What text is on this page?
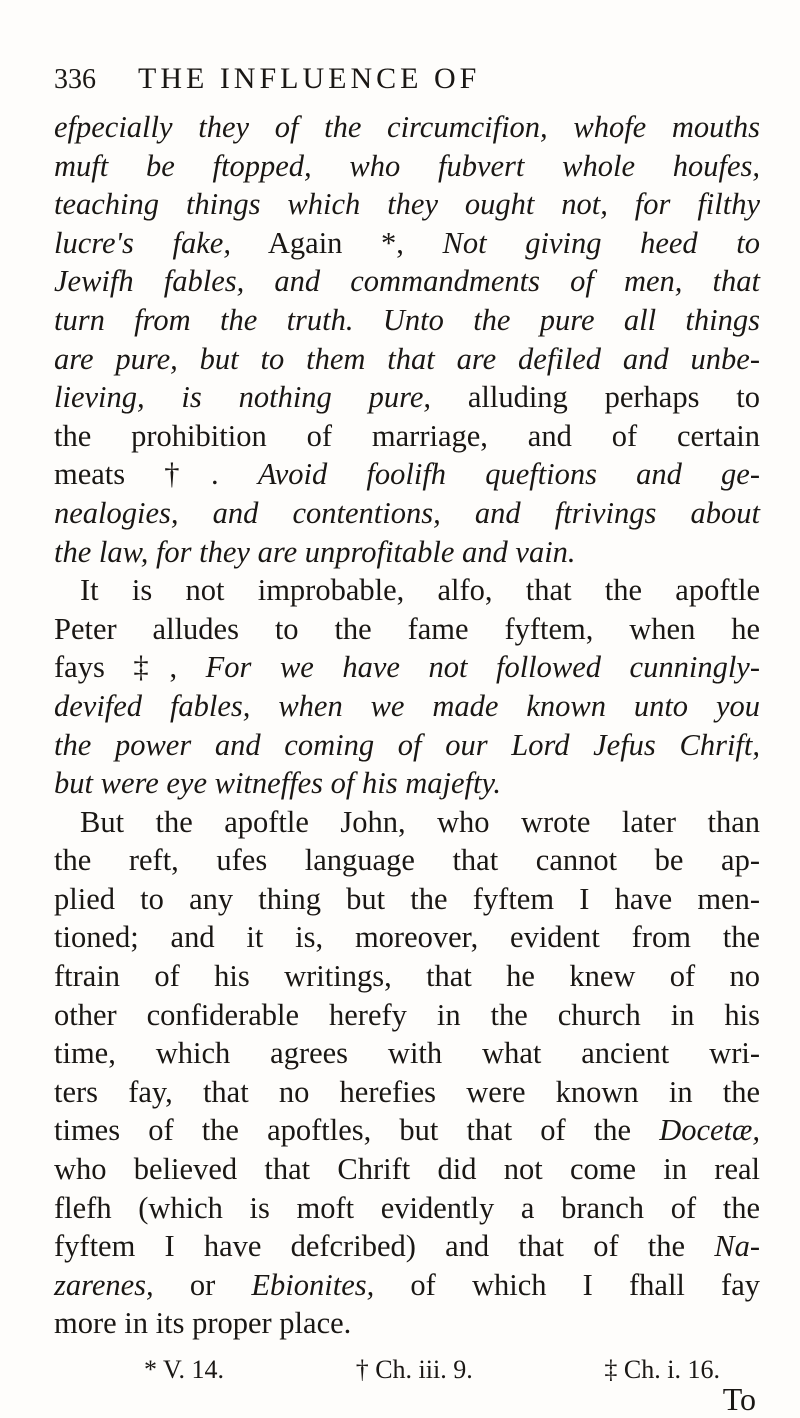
336	THE INFLUENCE OF
efpecially they of the circumcifion, whofe mouths
muft be ftopped, who fubvert whole houfes,
teaching things which they ought not, for filthy
lucre's fake, Again *, Not giving heed to
Jewifh fables, and commandments of men, that
turn from the truth. Unto the pure all things
are pure, but to them that are defiled and unbe-
lieving, is nothing pure, alluding perhaps to
the prohibition of marriage, and of certain
meats †. Avoid foolifh queftions and ge-
nealogies, and contentions, and ftrivings about
the law, for they are unprofitable and vain.
It is not improbable, alfo, that the apoftle
Peter alludes to the fame fyftem, when he
fays ‡, For we have not followed cunningly-
devifed fables, when we made known unto you
the power and coming of our Lord Jefus Chrift,
but were eye witneffes of his majefty.
But the apoftle John, who wrote later than
the reft, ufes language that cannot be ap-
plied to any thing but the fyftem I have men-
tioned; and it is, moreover, evident from the
ftrain of his writings, that he knew of no
other confiderable herefy in the church in his
time, which agrees with what ancient wri-
ters fay, that no herefies were known in the
times of the apoftles, but that of the Docetæ,
who believed that Chrift did not come in real
flefh (which is moft evidently a branch of the
fyftem I have defcribed) and that of the Na-
zarenes, or Ebionites, of which I fhall fay
more in its proper place.
* V. 14.	† Ch. iii. 9.	‡ Ch. i. 16.
To
